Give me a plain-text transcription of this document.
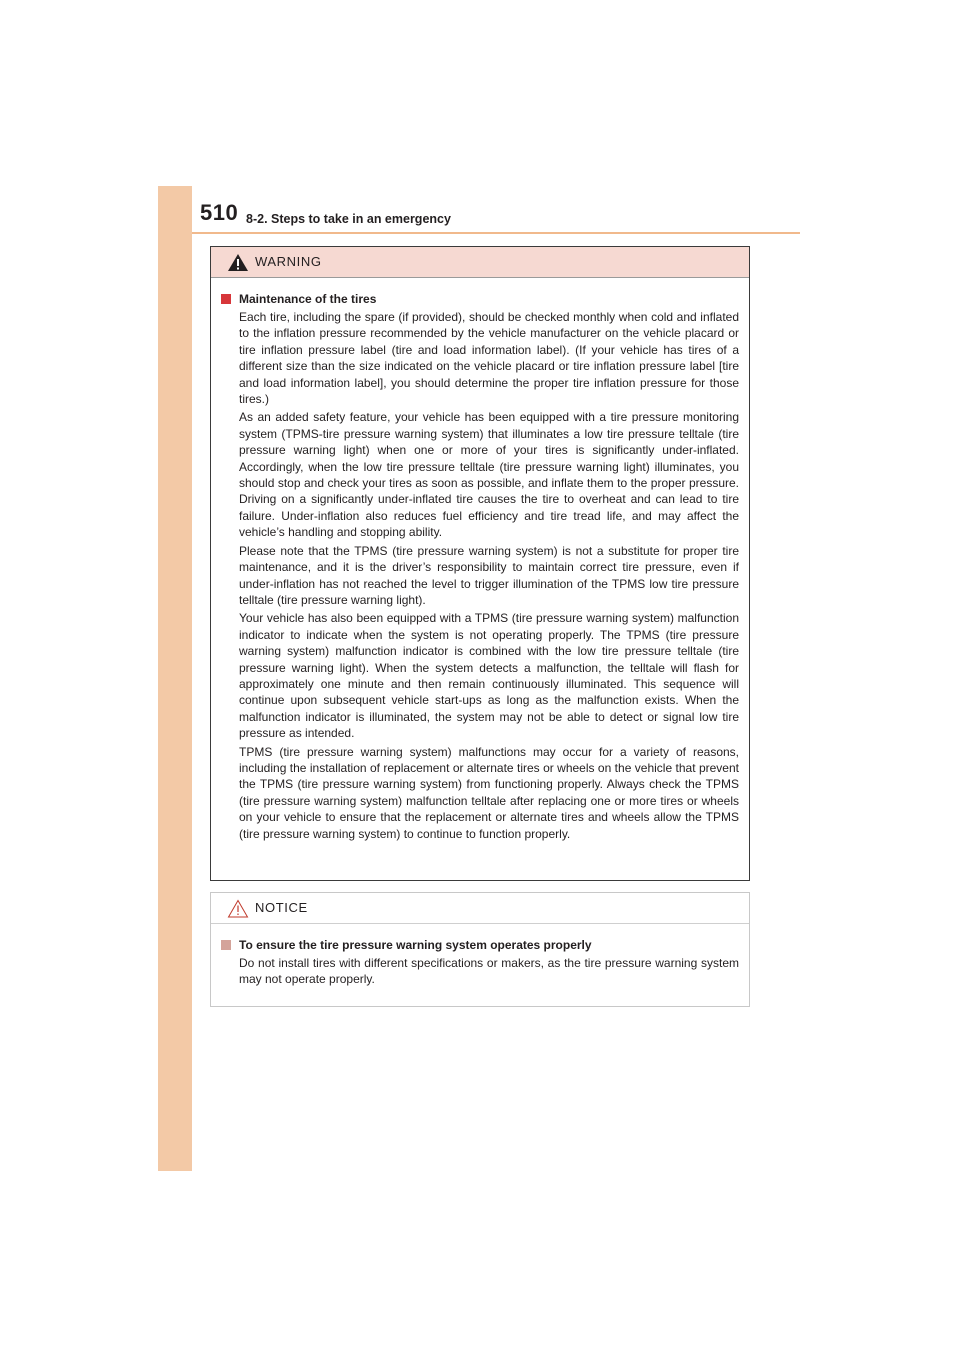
510 8-2. Steps to take in an emergency
WARNING
Maintenance of the tires

Each tire, including the spare (if provided), should be checked monthly when cold and inflated to the inflation pressure recommended by the vehicle manufacturer on the vehicle placard or tire inflation pressure label (tire and load information label). (If your vehicle has tires of a different size than the size indicated on the vehicle placard or tire inflation pressure label [tire and load information label], you should determine the proper tire inflation pressure for those tires.)

As an added safety feature, your vehicle has been equipped with a tire pressure monitoring system (TPMS-tire pressure warning system) that illuminates a low tire pressure telltale (tire pressure warning light) when one or more of your tires is significantly under-inflated. Accordingly, when the low tire pressure telltale (tire pressure warning light) illuminates, you should stop and check your tires as soon as possible, and inflate them to the proper pressure. Driving on a significantly under-inflated tire causes the tire to overheat and can lead to tire failure. Under-inflation also reduces fuel efficiency and tire tread life, and may affect the vehicle’s handling and stopping ability.

Please note that the TPMS (tire pressure warning system) is not a substitute for proper tire maintenance, and it is the driver’s responsibility to maintain correct tire pressure, even if under-inflation has not reached the level to trigger illumination of the TPMS low tire pressure telltale (tire pressure warning light).

Your vehicle has also been equipped with a TPMS (tire pressure warning system) malfunction indicator to indicate when the system is not operating properly. The TPMS (tire pressure warning system) malfunction indicator is combined with the low tire pressure telltale (tire pressure warning light). When the system detects a malfunction, the telltale will flash for approximately one minute and then remain continuously illuminated. This sequence will continue upon subsequent vehicle start-ups as long as the malfunction exists. When the malfunction indicator is illuminated, the system may not be able to detect or signal low tire pressure as intended.

TPMS (tire pressure warning system) malfunctions may occur for a variety of reasons, including the installation of replacement or alternate tires or wheels on the vehicle that prevent the TPMS (tire pressure warning system) from functioning properly. Always check the TPMS (tire pressure warning system) malfunction telltale after replacing one or more tires or wheels on your vehicle to ensure that the replacement or alternate tires and wheels allow the TPMS (tire pressure warning system) to continue to function properly.

NOTICE
To ensure the tire pressure warning system operates properly

Do not install tires with different specifications or makers, as the tire pressure warning system may not operate properly.
